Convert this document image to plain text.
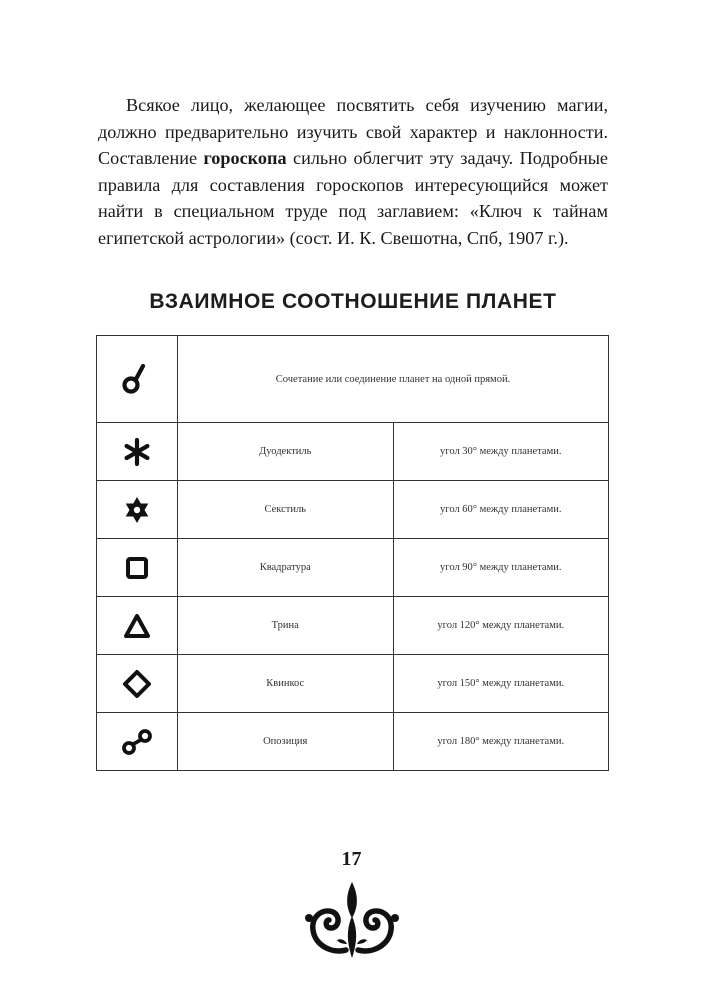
Всякое лицо, желающее посвятить себя изучению магии, должно предварительно изучить свой характер и наклонности. Составление гороскопа сильно облегчит эту задачу. Подробные правила для составления гороскопов интересующийся может найти в специальном труде под заглавием: «Ключ к тайнам египетской астрологии» (сост. И. К. Свешотна, Спб, 1907 г.).

ВЗАИМНОЕ СООТНОШЕНИЕ ПЛАНЕТ
	Сочетание или соединение планет на одной прямой.	

	Дуодектиль	угол 30° между планетами.

	Секстиль	угол 60° между планетами.

	Квадратура	угол 90° между планетами.

	Трина	угол 120° между планетами.

	Квинкос	угол 150° между планетами.

	Опозиция	угол 180° между планетами.
17
